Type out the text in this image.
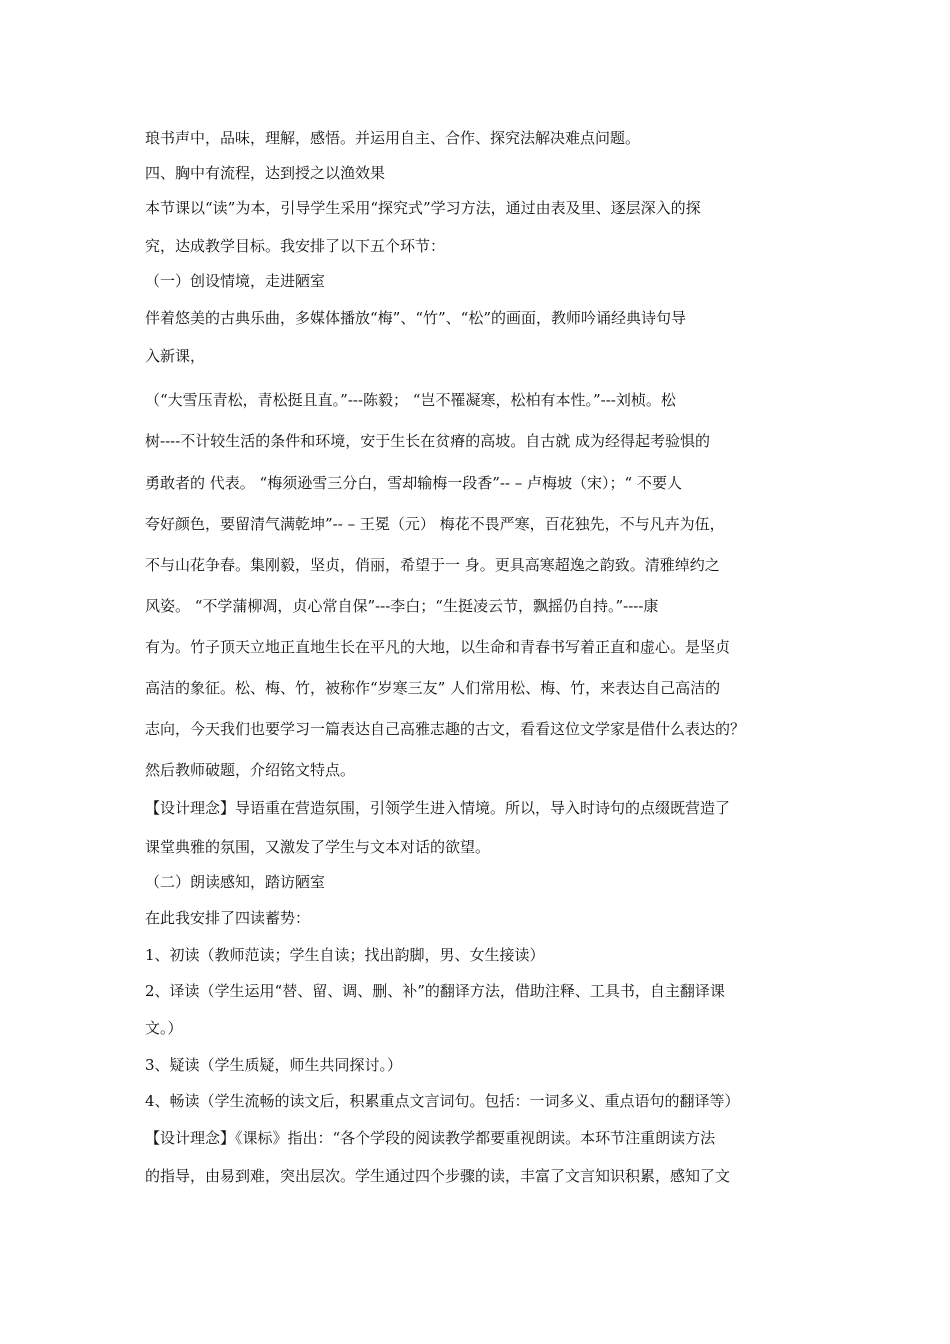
琅书声中，品味，理解，感悟。并运用自主、合作、探究法解决难点问题。

四、胸中有流程，达到授之以渔效果

本节课以“读”为本，引导学生采用“探究式”学习方法，通过由表及里、逐层深入的探

究，达成教学目标。我安排了以下五个环节：

（一）创设情境，走进陋室

伴着悠美的古典乐曲，多媒体播放“梅”、“竹”、“松”的画面，教师吟诵经典诗句导

入新课，

（“大雪压青松，青松挺且直。”---陈毅； “岂不罹凝寒，松柏有本性。”---刘桢。松

树----不计较生活的条件和环境，安于生长在贫瘠的高坡。自古就 成为经得起考验惧的

勇敢者的 代表。 “梅须逊雪三分白，雪却输梅一段香”-- – 卢梅坡（宋）；“ 不要人

夸好颜色，要留清气满乾坤”-- – 王冕（元） 梅花不畏严寒，百花独先，不与凡卉为伍，

不与山花争春。集刚毅，坚贞，俏丽，希望于一 身。更具高寒超逸之韵致。清雅绰约之

风姿。 “不学蒲柳凋，贞心常自保”---李白；“生挺凌云节，飘摇仍自持。”----康

有为。竹子顶天立地正直地生长在平凡的大地，以生命和青春书写着正直和虚心。是坚贞

高洁的象征。松、梅、竹，被称作“岁寒三友” 人们常用松、梅、竹，来表达自己高洁的

志向，今天我们也要学习一篇表达自己高雅志趣的古文，看看这位文学家是借什么表达的？

然后教师破题，介绍铭文特点。

【设计理念】导语重在营造氛围，引领学生进入情境。所以，导入时诗句的点缀既营造了

课堂典雅的氛围，又激发了学生与文本对话的欲望。

（二）朗读感知，踏访陋室

在此我安排了四读蓄势：

1、初读（教师范读；学生自读；找出韵脚，男、女生接读）

2、译读（学生运用“替、留、调、删、补”的翻译方法，借助注释、工具书，自主翻译课

文。）

3、疑读（学生质疑，师生共同探讨。）

4、畅读（学生流畅的读文后，积累重点文言词句。包括：一词多义、重点语句的翻译等）

【设计理念】《课标》指出：“各个学段的阅读教学都要重视朗读。本环节注重朗读方法

的指导，由易到难，突出层次。学生通过四个步骤的读，丰富了文言知识积累，感知了文
